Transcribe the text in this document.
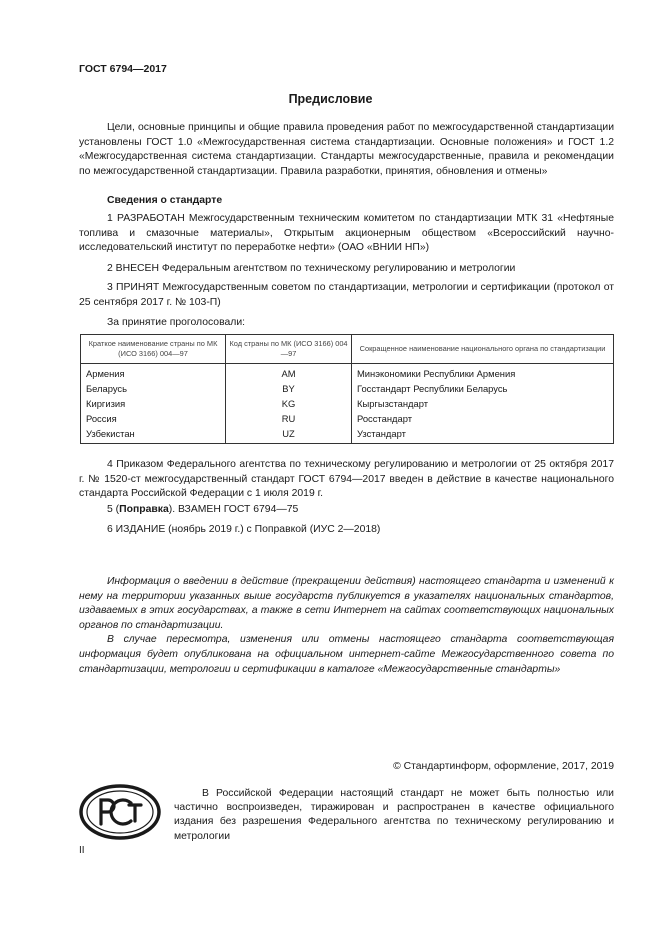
ГОСТ 6794—2017
Предисловие

Цели, основные принципы и общие правила проведения работ по межгосударственной стандартизации установлены ГОСТ 1.0 «Межгосударственная система стандартизации. Основные положения» и ГОСТ 1.2 «Межгосударственная система стандартизации. Стандарты межгосударственные, правила и рекомендации по межгосударственной стандартизации. Правила разработки, принятия, обновления и отмены»

Сведения о стандарте

1 РАЗРАБОТАН Межгосударственным техническим комитетом по стандартизации МТК 31 «Нефтяные топлива и смазочные материалы», Открытым акционерным обществом «Всероссийский научно-исследовательский институт по переработке нефти» (ОАО «ВНИИ НП»)

2 ВНЕСЕН Федеральным агентством по техническому регулированию и метрологии

3 ПРИНЯТ Межгосударственным советом по стандартизации, метрологии и сертификации (протокол от 25 сентября 2017 г. № 103-П)

За принятие проголосовали:
Краткое наименование страны по МК (ИСО 3166) 004—97	Код страны по МК (ИСО 3166) 004—97	Сокращенное наименование национального органа по стандартизации
Армения	AM	Минэкономики Республики Армения
Беларусь	BY	Госстандарт Республики Беларусь
Киргизия	KG	Кыргызстандарт
Россия	RU	Росстандарт
Узбекистан	UZ	Узстандарт

4 Приказом Федерального агентства по техническому регулированию и метрологии от 25 октября 2017 г. № 1520-ст межгосударственный стандарт ГОСТ 6794—2017 введен в действие в качестве национального стандарта Российской Федерации с 1 июля 2019 г.

5 (Поправка). ВЗАМЕН ГОСТ 6794—75

6 ИЗДАНИЕ (ноябрь 2019 г.) с Поправкой (ИУС 2—2018)

Информация о введении в действие (прекращении действия) настоящего стандарта и изменений к нему на территории указанных выше государств публикуется в указателях национальных стандартов, издаваемых в этих государствах, а также в сети Интернет на сайтах соответствующих национальных органов по стандартизации.

В случае пересмотра, изменения или отмены настоящего стандарта соответствующая информация будет опубликована на официальном интернет-сайте Межгосударственного совета по стандартизации, метрологии и сертификации в каталоге «Межгосударственные стандарты»

© Стандартинформ, оформление, 2017, 2019

В Российской Федерации настоящий стандарт не может быть полностью или частично воспроизведен, тиражирован и распространен в качестве официального издания без разрешения Федерального агентства по техническому регулированию и метрологии

II
